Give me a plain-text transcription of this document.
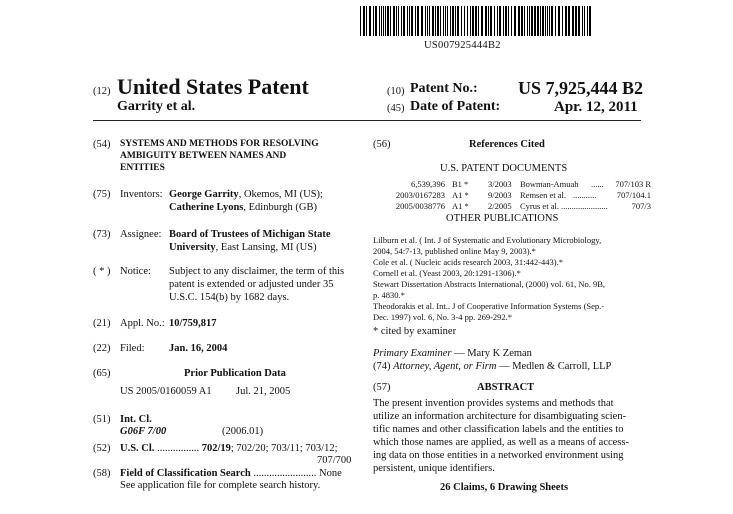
US007925444B2
(12) United States Patent
Garrity et al.
(10) Patent No.: US 7,925,444 B2
(45) Date of Patent:	Apr. 12, 2011
(54) SYSTEMS AND METHODS FOR RESOLVING
AMBIGUITY BETWEEN NAMES AND
ENTITIES
(75) Inventors: George Garrity, Okemos, MI (US);
Catherine Lyons, Edinburgh (GB)
(73) Assignee: Board of Trustees of Michigan State
University, East Lansing, MI (US)
( * ) Notice: Subject to any disclaimer, the term of this
patent is extended or adjusted under 35
U.S.C. 154(b) by 1682 days.
(21) Appl. No.: 10/759,817
(22) Filed: Jan. 16, 2004
(65)	Prior Publication Data
US 2005/0160059 A1 Jul. 21, 2005
(51) Int. Cl.
G06F 7/00	(2006.01)
(52) U.S. Cl. ................ 702/19; 702/20; 703/11; 703/12;
707/700
(58) Field of Classification Search ........................ None
See application file for complete search history.
(56)	References Cited
U.S. PATENT DOCUMENTS
6,539,396 B1 * 3/2003 Bowman-Amuah ......	707/103 R
2003/0167283 A1 * 9/2003 Remsen et al. ...........	707/104.1
2005/0038776 A1 * 2/2005 Cyrus et al. ......................	707/3
OTHER PUBLICATIONS
Lilburn et al. ( Int. J of Systematic and Evolutionary Microbiology,
2004, 54:7-13, published online May 9, 2003).*
Cole et al. ( Nucleic acids research 2003, 31:442-443).*
Cornell et al. (Yeast 2003, 20:1291-1306).*
Stewart Dissertation Abstracts International, (2000) vol. 61, No. 9B,
p. 4830.*
Theodorakis et al. Int.. J of Cooperative Information Systems (Sep.-
Dec. 1997) vol. 6, No. 3-4 pp. 269-292.*
* cited by examiner
Primary Examiner — Mary K Zeman
(74) Attorney, Agent, or Firm — Medlen & Carroll, LLP
(57)	ABSTRACT
The present invention provides systems and methods that
utilize an information architecture for disambiguating scien-
tific names and other classification labels and the entities to
which those names are applied, as well as a means of access-
ing data on those entities in a networked environment using
persistent, unique identifiers.
26 Claims, 6 Drawing Sheets
